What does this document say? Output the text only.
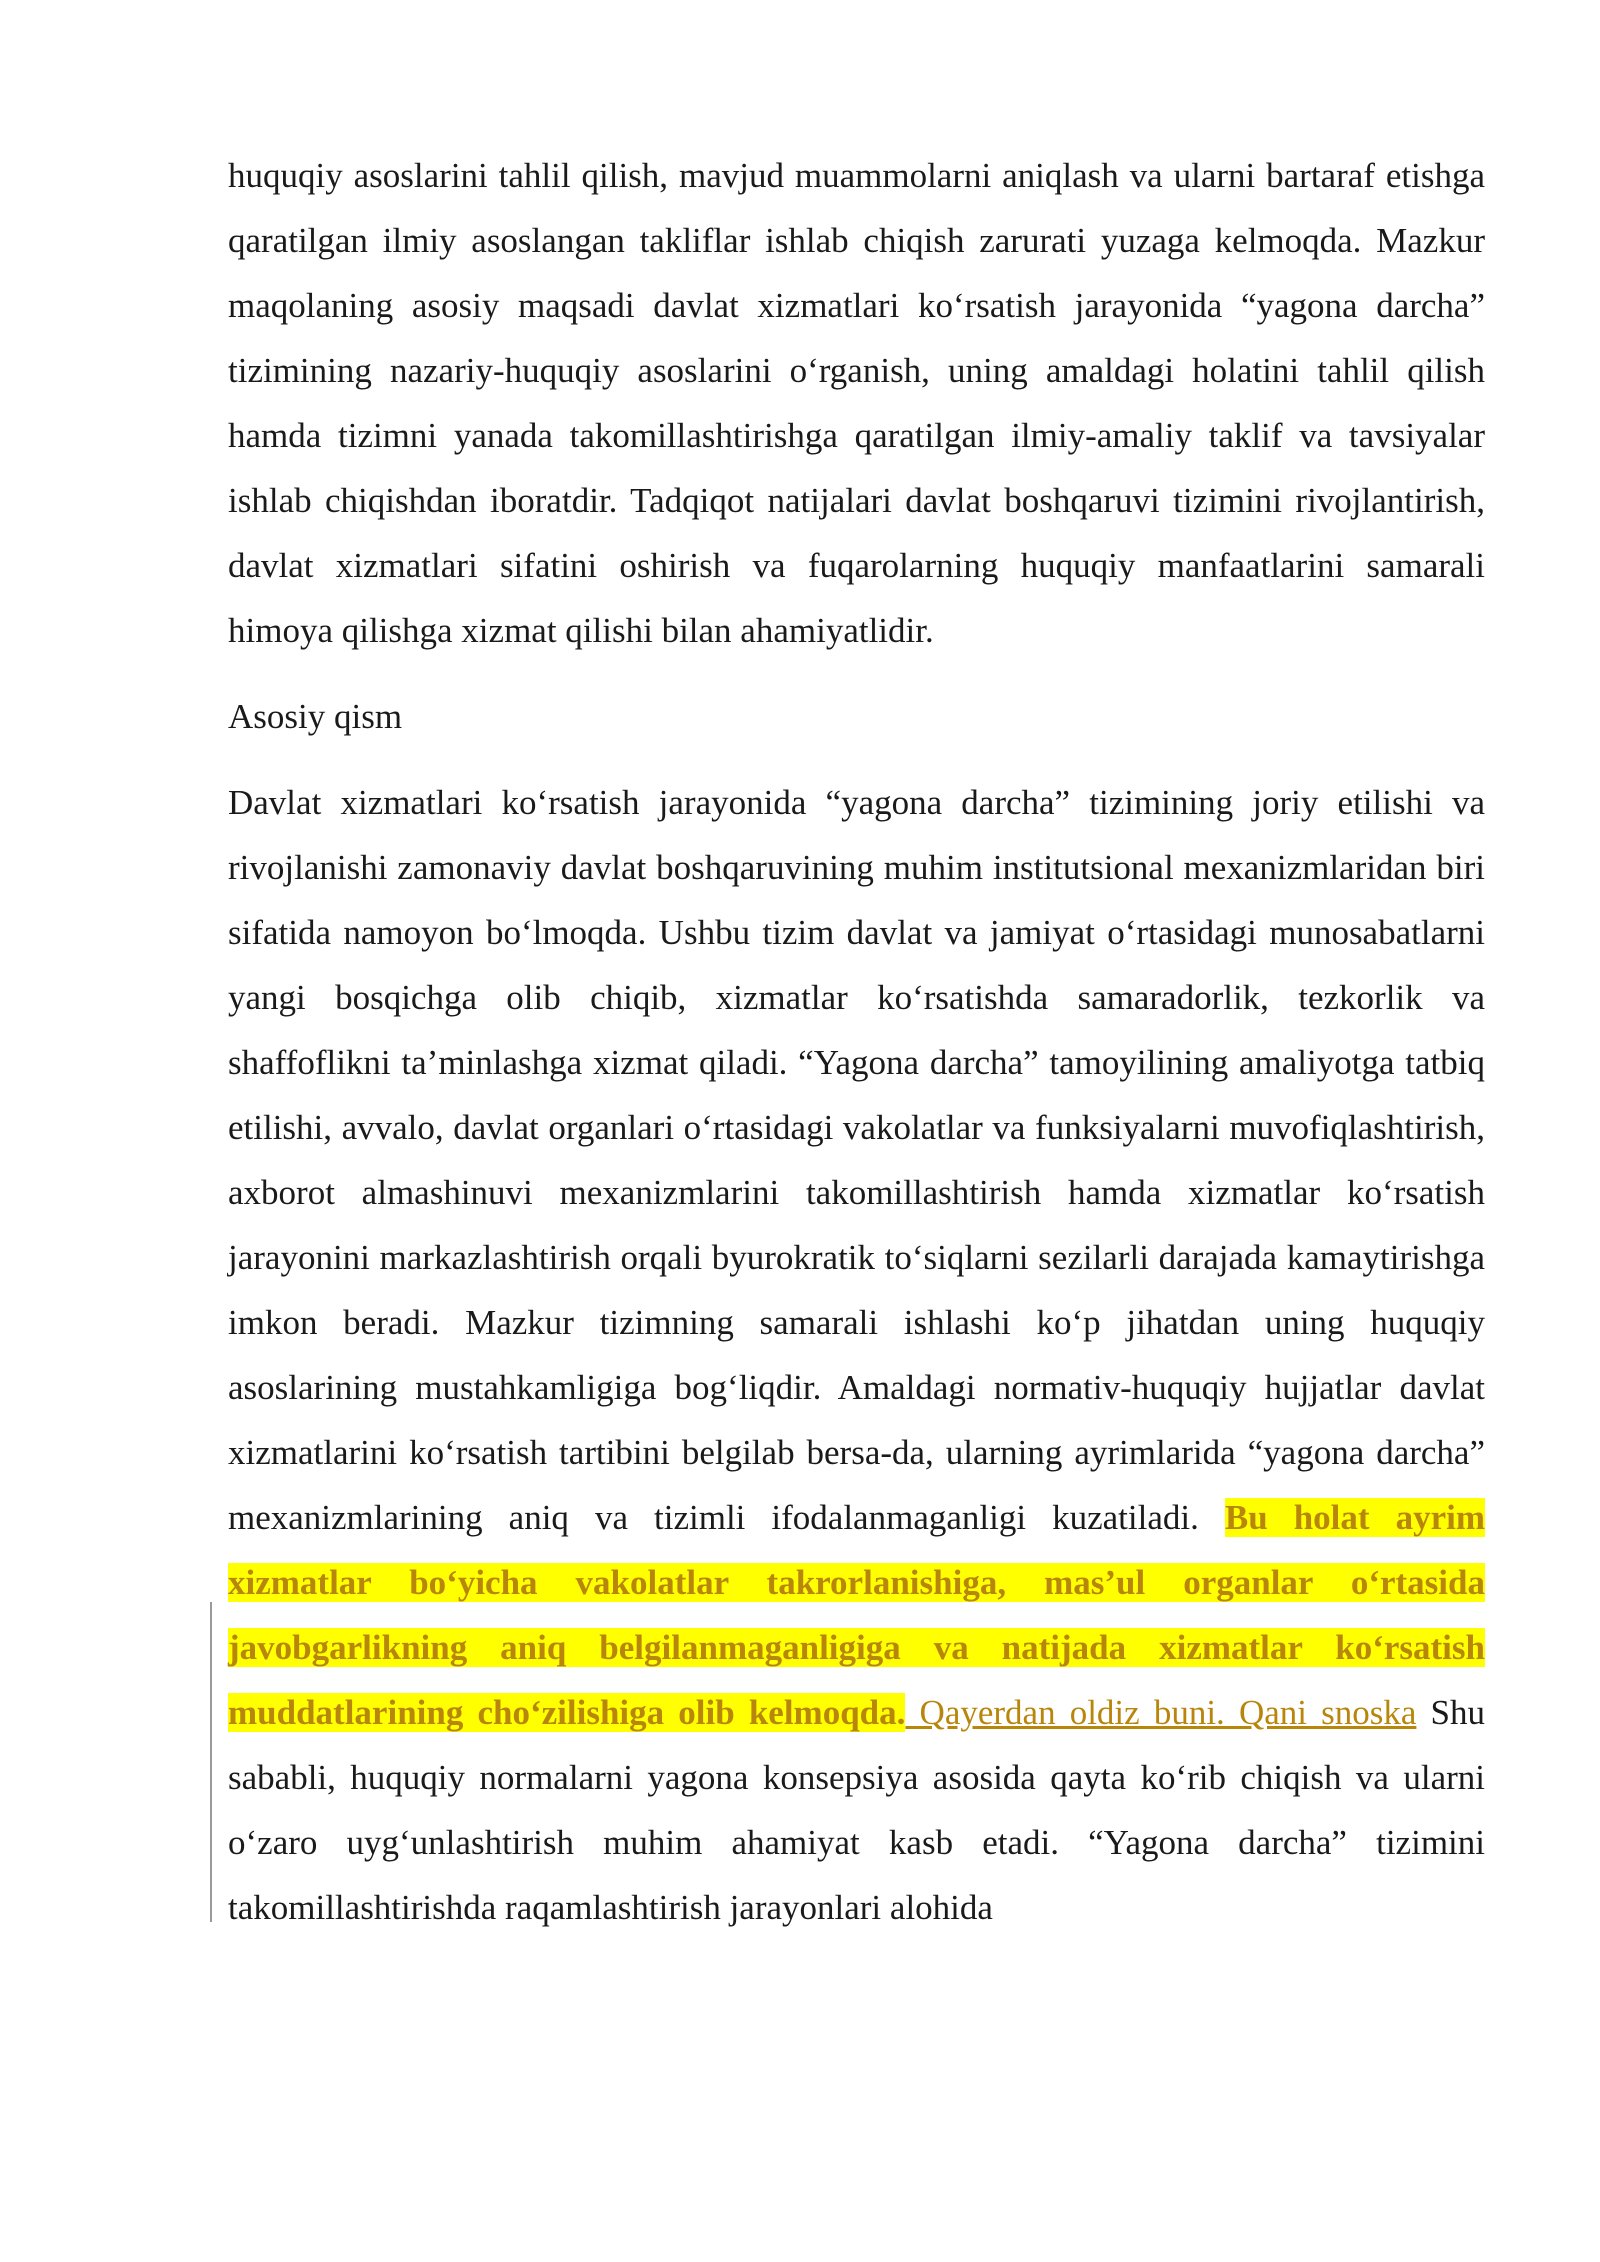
huquqiy asoslarini tahlil qilish, mavjud muammolarni aniqlash va ularni bartaraf etishga qaratilgan ilmiy asoslangan takliflar ishlab chiqish zarurati yuzaga kelmoqda. Mazkur maqolaning asosiy maqsadi davlat xizmatlari ko‘rsatish jarayonida “yagona darcha” tizimining nazariy-huquqiy asoslarini o‘rganish, uning amaldagi holatini tahlil qilish hamda tizimni yanada takomillashtirishga qaratilgan ilmiy-amaliy taklif va tavsiyalar ishlab chiqishdan iboratdir. Tadqiqot natijalari davlat boshqaruvi tizimini rivojlantirish, davlat xizmatlari sifatini oshirish va fuqarolarning huquqiy manfaatlarini samarali himoya qilishga xizmat qilishi bilan ahamiyatlidir.

Asosiy qism

Davlat xizmatlari ko‘rsatish jarayonida “yagona darcha” tizimining joriy etilishi va rivojlanishi zamonaviy davlat boshqaruvining muhim institutsional mexanizmlaridan biri sifatida namoyon bo‘lmoqda. Ushbu tizim davlat va jamiyat o‘rtasidagi munosabatlarni yangi bosqichga olib chiqib, xizmatlar ko‘rsatishda samaradorlik, tezkorlik va shaffoflikni ta’minlashga xizmat qiladi. “Yagona darcha” tamoyilining amaliyotga tatbiq etilishi, avvalo, davlat organlari o‘rtasidagi vakolatlar va funksiyalarni muvofiqlashtirish, axborot almashinuvi mexanizmlarini takomillashtirish hamda xizmatlar ko‘rsatish jarayonini markazlashtirish orqali byurokratik to‘siqlarni sezilarli darajada kamaytirishga imkon beradi. Mazkur tizimning samarali ishlashi ko‘p jihatdan uning huquqiy asoslarining mustahkamligiga bog‘liqdir. Amaldagi normativ-huquqiy hujjatlar davlat xizmatlarini ko‘rsatish tartibini belgilab bersa-da, ularning ayrimlarida “yagona darcha” mexanizmlarining aniq va tizimli ifodalanmaganligi kuzatiladi. Bu holat ayrim xizmatlar bo‘yicha vakolatlar takrorlanishiga, mas’ul organlar o‘rtasida javobgarlikning aniq belgilanmaganligiga va natijada xizmatlar ko‘rsatish muddatlarining cho‘zilishiga olib kelmoqda. Qayerdan oldiz buni. Qani snoska Shu sababli, huquqiy normalarni yagona konsepsiya asosida qayta ko‘rib chiqish va ularni o‘zaro uyg‘unlashtirish muhim ahamiyat kasb etadi. “Yagona darcha” tizimini takomillashtirishda raqamlashtirish jarayonlari alohida
